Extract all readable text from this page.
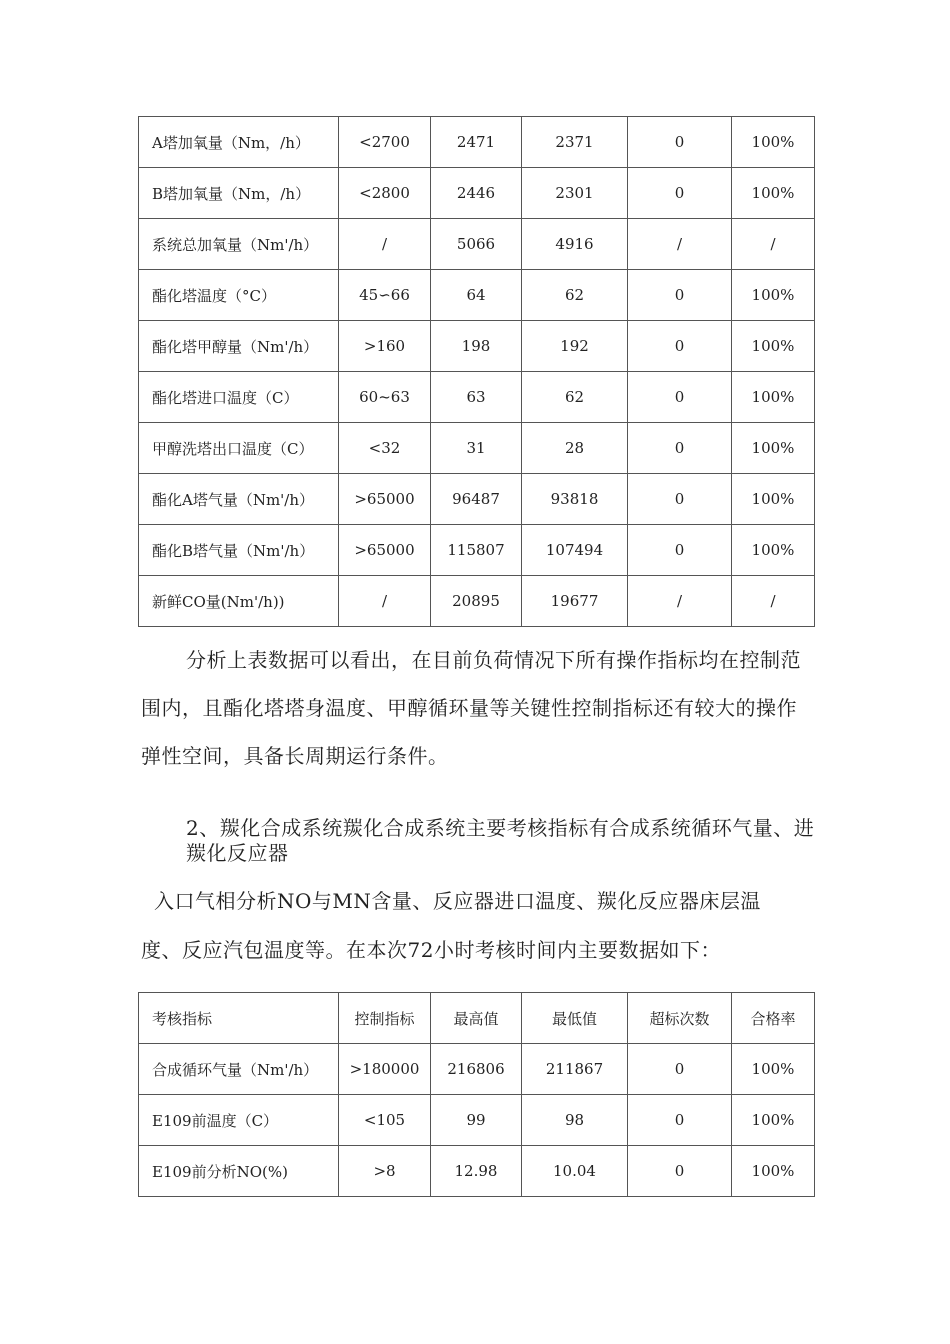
A塔加氧量（Nm，/h）	<2700	2471	2371	0	100%
B塔加氧量（Nm，/h）	<2800	2446	2301	0	100%
系统总加氧量（Nm'/h）	/	5066	4916	/	/
酯化塔温度（°C）	45∽66	64	62	0	100%
酯化塔甲醇量（Nm'/h）	>160	198	192	0	100%
酯化塔进口温度（C）	60~63	63	62	0	100%
甲醇洗塔出口温度（C）	<32	31	28	0	100%
酯化A塔气量（Nm'/h）	>65000	96487	93818	0	100%
酯化B塔气量（Nm'/h）	>65000	115807	107494	0	100%
新鲜CO量(Nm'/h))	/	20895	19677	/	/
分析上表数据可以看出，在目前负荷情况下所有操作指标均在控制范
围内，且酯化塔塔身温度、甲醇循环量等关键性控制指标还有较大的操作
弹性空间，具备长周期运行条件。
2、羰化合成系统羰化合成系统主要考核指标有合成系统循环气量、进
羰化反应器
入口气相分析NO与MN含量、反应器进口温度、羰化反应器床层温
度、反应汽包温度等。在本次72小时考核时间内主要数据如下：
考核指标	控制指标	最高值	最低值	超标次数	合格率
合成循环气量（Nm'/h）	>180000	216806	211867	0	100%
E109前温度（C）	<105	99	98	0	100%
E109前分析NO(%)	>8	12.98	10.04	0	100%
